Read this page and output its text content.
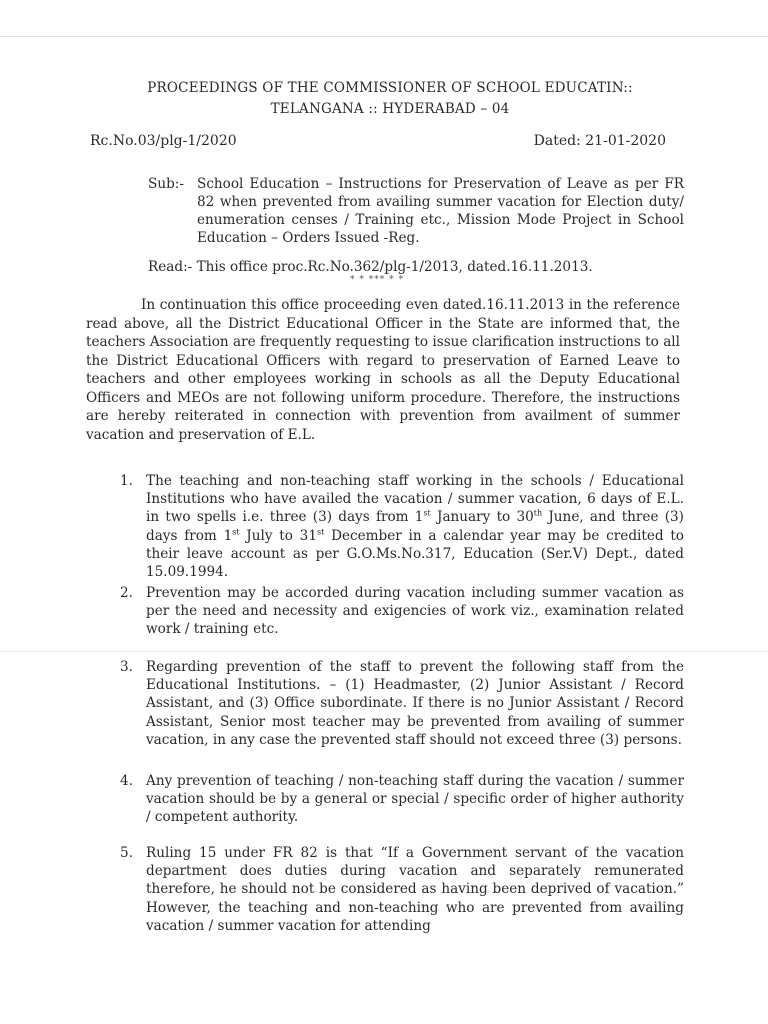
PROCEEDINGS OF THE COMMISSIONER OF SCHOOL EDUCATIN::
TELANGANA :: HYDERABAD – 04
Rc.No.03/plg-1/2020	Dated: 21-01-2020
Sub:- School Education – Instructions for Preservation of Leave as per FR 82 when prevented from availing summer vacation for Election duty/ enumeration censes / Training etc., Mission Mode Project in School Education – Orders Issued -Reg.
Read:- This office proc.Rc.No.362/plg-1/2013, dated.16.11.2013.
* * *** * *
In continuation this office proceeding even dated.16.11.2013 in the reference read above, all the District Educational Officer in the State are informed that, the teachers Association are frequently requesting to issue clarification instructions to all the District Educational Officers with regard to preservation of Earned Leave to teachers and other employees working in schools as all the Deputy Educational Officers and MEOs are not following uniform procedure. Therefore, the instructions are hereby reiterated in connection with prevention from availment of summer vacation and preservation of E.L.
1. The teaching and non-teaching staff working in the schools / Educational Institutions who have availed the vacation / summer vacation, 6 days of E.L. in two spells i.e. three (3) days from 1st January to 30th June, and three (3) days from 1st July to 31st December in a calendar year may be credited to their leave account as per G.O.Ms.No.317, Education (Ser.V) Dept., dated 15.09.1994.
2. Prevention may be accorded during vacation including summer vacation as per the need and necessity and exigencies of work viz., examination related work / training etc.
3. Regarding prevention of the staff to prevent the following staff from the Educational Institutions. – (1) Headmaster, (2) Junior Assistant / Record Assistant, and (3) Office subordinate. If there is no Junior Assistant / Record Assistant, Senior most teacher may be prevented from availing of summer vacation, in any case the prevented staff should not exceed three (3) persons.
4. Any prevention of teaching / non-teaching staff during the vacation / summer vacation should be by a general or special / specific order of higher authority / competent authority.
5. Ruling 15 under FR 82 is that “If a Government servant of the vacation department does duties during vacation and separately remunerated therefore, he should not be considered as having been deprived of vacation.” However, the teaching and non-teaching who are prevented from availing vacation / summer vacation for attending
